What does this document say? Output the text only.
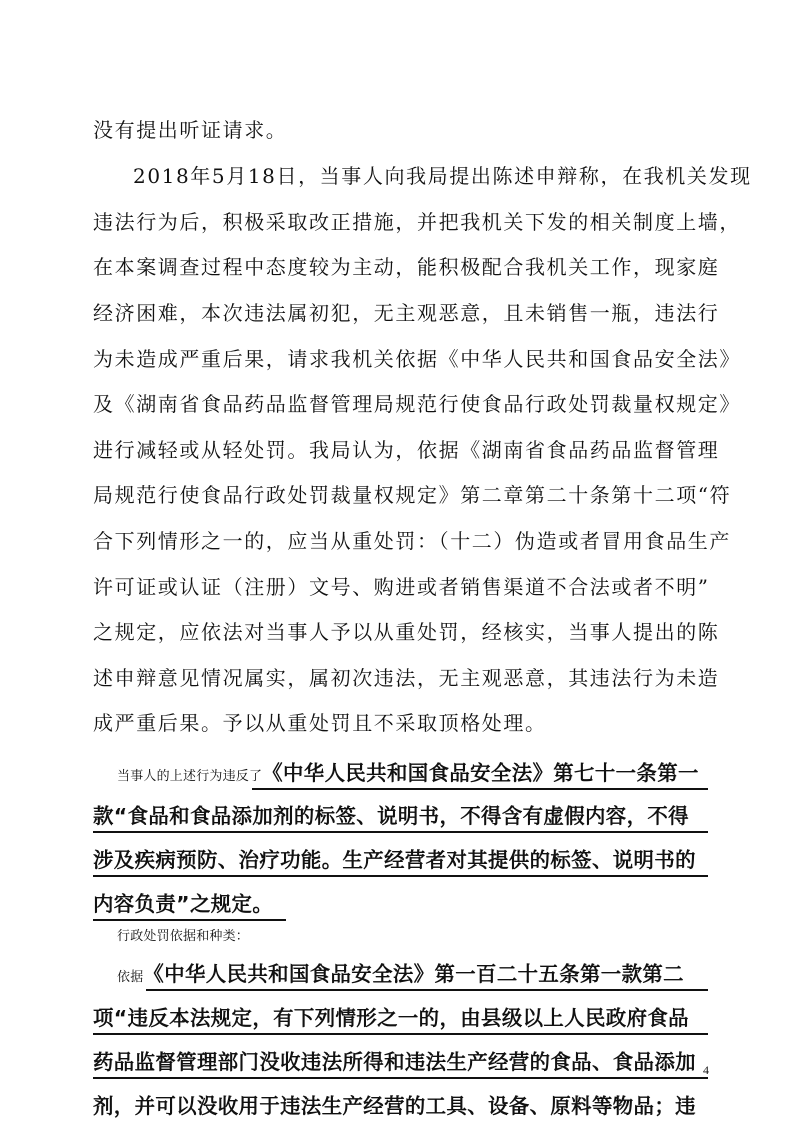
没有提出听证请求。
2018年5月18日，当事人向我局提出陈述申辩称，在我机关发现
违法行为后，积极采取改正措施，并把我机关下发的相关制度上墙，
在本案调查过程中态度较为主动，能积极配合我机关工作，现家庭
经济困难，本次违法属初犯，无主观恶意，且未销售一瓶，违法行
为未造成严重后果，请求我机关依据《中华人民共和国食品安全法》
及《湖南省食品药品监督管理局规范行使食品行政处罚裁量权规定》
进行减轻或从轻处罚。我局认为，依据《湖南省食品药品监督管理
局规范行使食品行政处罚裁量权规定》第二章第二十条第十二项“符
合下列情形之一的，应当从重处罚：（十二）伪造或者冒用食品生产
许可证或认证（注册）文号、购进或者销售渠道不合法或者不明”
之规定，应依法对当事人予以从重处罚，经核实，当事人提出的陈
述申辩意见情况属实，属初次违法，无主观恶意，其违法行为未造
成严重后果。予以从重处罚且不采取顶格处理。
当事人的上述行为违反了《中华人民共和国食品安全法》第七十一条第一
款“食品和食品添加剂的标签、说明书，不得含有虚假内容，不得
涉及疾病预防、治疗功能。生产经营者对其提供的标签、说明书的
内容负责”之规定。
行政处罚依据和种类：
依据《中华人民共和国食品安全法》第一百二十五条第一款第二
项“违反本法规定，有下列情形之一的，由县级以上人民政府食品
药品监督管理部门没收违法所得和违法生产经营的食品、食品添加
剂，并可以没收用于违法生产经营的工具、设备、原料等物品；违
4
